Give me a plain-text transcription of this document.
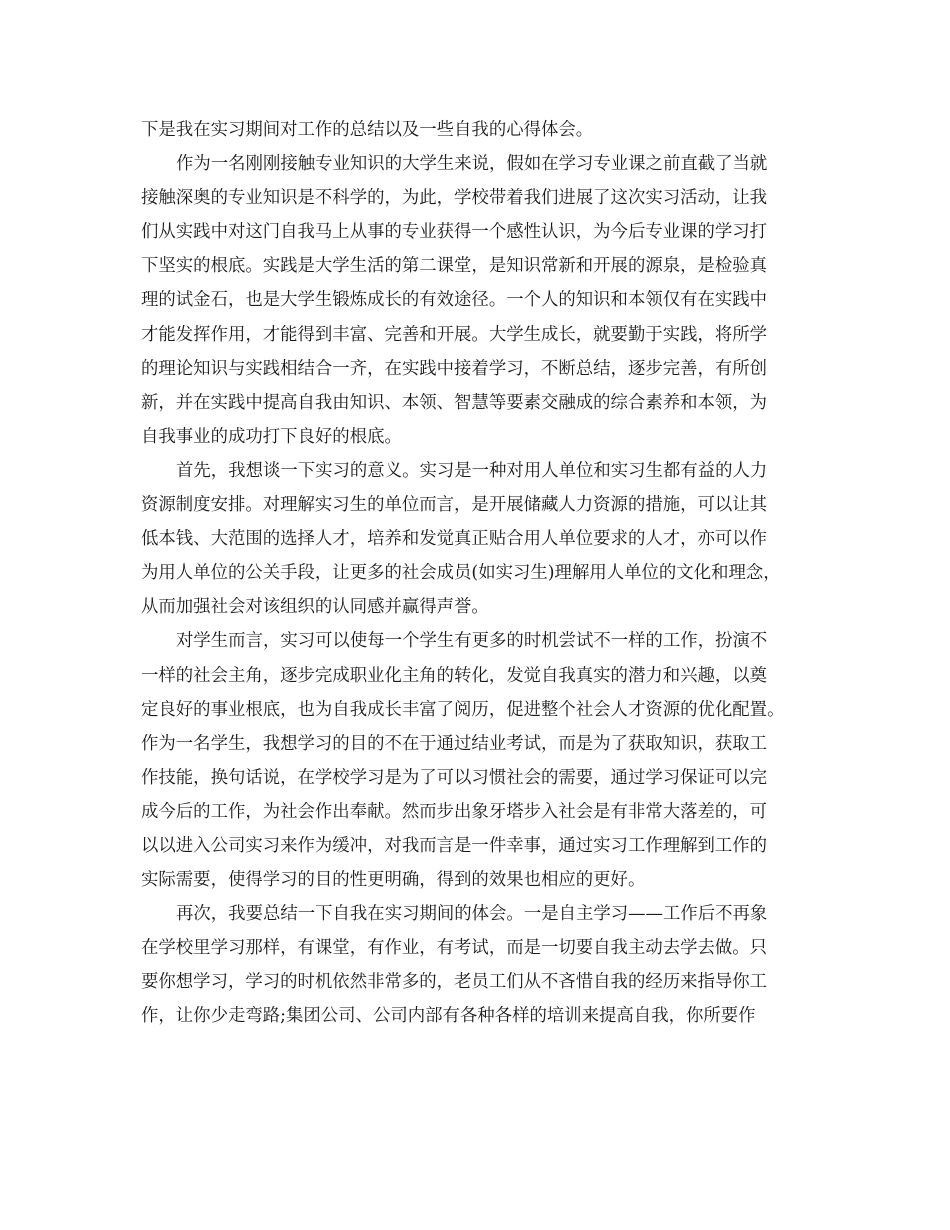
下是我在实习期间对工作的总结以及一些自我的心得体会。
作为一名刚刚接触专业知识的大学生来说，假如在学习专业课之前直截了当就
接触深奥的专业知识是不科学的，为此，学校带着我们进展了这次实习活动，让我
们从实践中对这门自我马上从事的专业获得一个感性认识，为今后专业课的学习打
下坚实的根底。实践是大学生活的第二课堂，是知识常新和开展的源泉，是检验真
理的试金石，也是大学生锻炼成长的有效途径。一个人的知识和本领仅有在实践中
才能发挥作用，才能得到丰富、完善和开展。大学生成长，就要勤于实践，将所学
的理论知识与实践相结合一齐，在实践中接着学习，不断总结，逐步完善，有所创
新，并在实践中提高自我由知识、本领、智慧等要素交融成的综合素养和本领，为
自我事业的成功打下良好的根底。
首先，我想谈一下实习的意义。实习是一种对用人单位和实习生都有益的人力
资源制度安排。对理解实习生的单位而言，是开展储藏人力资源的措施，可以让其
低本钱、大范围的选择人才，培养和发觉真正贴合用人单位要求的人才，亦可以作
为用人单位的公关手段，让更多的社会成员(如实习生)理解用人单位的文化和理念，
从而加强社会对该组织的认同感并赢得声誉。
对学生而言，实习可以使每一个学生有更多的时机尝试不一样的工作，扮演不
一样的社会主角，逐步完成职业化主角的转化，发觉自我真实的潜力和兴趣，以奠
定良好的事业根底，也为自我成长丰富了阅历，促进整个社会人才资源的优化配置。
作为一名学生，我想学习的目的不在于通过结业考试，而是为了获取知识，获取工
作技能，换句话说，在学校学习是为了可以习惯社会的需要，通过学习保证可以完
成今后的工作，为社会作出奉献。然而步出象牙塔步入社会是有非常大落差的，可
以以进入公司实习来作为缓冲，对我而言是一件幸事，通过实习工作理解到工作的
实际需要，使得学习的目的性更明确，得到的效果也相应的更好。
再次，我要总结一下自我在实习期间的体会。一是自主学习——工作后不再象
在学校里学习那样，有课堂，有作业，有考试，而是一切要自我主动去学去做。只
要你想学习，学习的时机依然非常多的，老员工们从不吝惜自我的经历来指导你工
作，让你少走弯路;集团公司、公司内部有各种各样的培训来提高自我，你所要作
